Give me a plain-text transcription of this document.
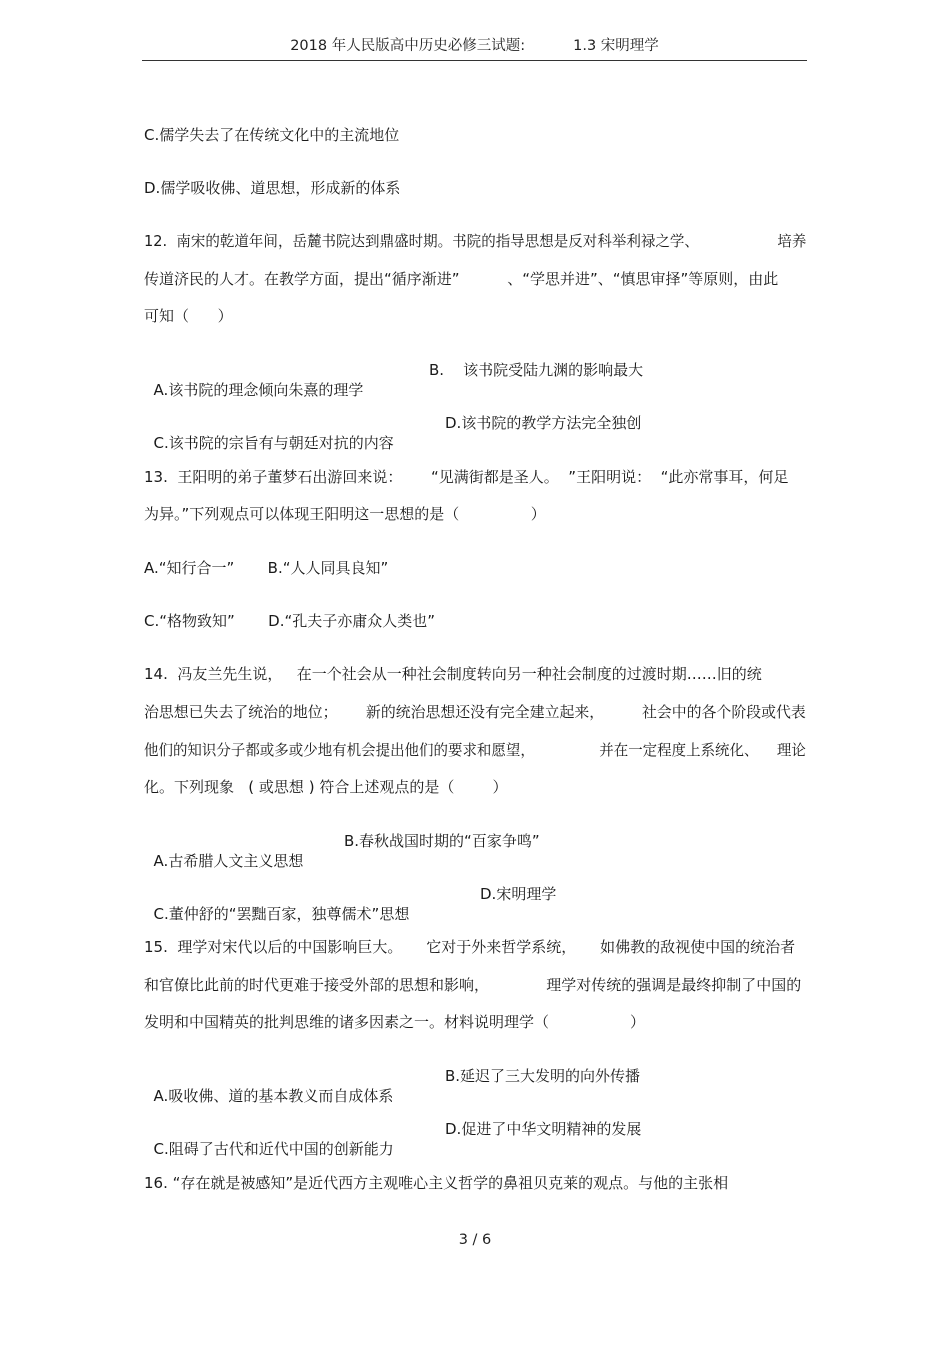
2018 年人民版高中历史必修三试题:	1.3 宋明理学
C.儒学失去了在传统文化中的主流地位
D.儒学吸收佛、道思想，形成新的体系
12.  南宋的乾道年间，岳麓书院达到鼎盛时期。书院的指导思想是反对科举利禄之学、                 培养
传道济民的人才。在教学方面，提出“循序渐进”          、“学思并进”、“慎思审择”等原则，由此
可知（      ）

A.该书院的理念倾向朱熹的理学

B.    该书院受陆九渊的影响最大

C.该书院的宗旨有与朝廷对抗的内容

D.该书院的教学方法完全独创

13.  王阳明的弟子董梦石出游回来说：      “见满街都是圣人。  ”王阳明说：  “此亦常事耳，何足
为异。”下列观点可以体现王阳明这一思想的是（               ）
A.“知行合一”       B.“人人同具良知”
C.“格物致知”       D.“孔夫子亦庸众人类也”
14.  冯友兰先生说，   在一个社会从一种社会制度转向另一种社会制度的过渡时期……旧的统
治思想已失去了统治的地位；      新的统治思想还没有完全建立起来，        社会中的各个阶段或代表
他们的知识分子都或多或少地有机会提出他们的要求和愿望，              并在一定程度上系统化、    理论
化。下列现象   ( 或思想 ) 符合上述观点的是（        ）

A.古希腊人文主义思想

B.春秋战国时期的“百家争鸣”

C.董仲舒的“罢黜百家，独尊儒术”思想

D.宋明理学

15.  理学对宋代以后的中国影响巨大。     它对于外来哲学系统，     如佛教的敌视使中国的统治者
和官僚比此前的时代更难于接受外部的思想和影响，            理学对传统的强调是最终抑制了中国的
发明和中国精英的批判思维的诸多因素之一。材料说明理学（                 ）

A.吸收佛、道的基本教义而自成体系

B.延迟了三大发明的向外传播

C.阻碍了古代和近代中国的创新能力

D.促进了中华文明精神的发展

16. “存在就是被感知”是近代西方主观唯心主义哲学的鼻祖贝克莱的观点。与他的主张相
3 / 6
